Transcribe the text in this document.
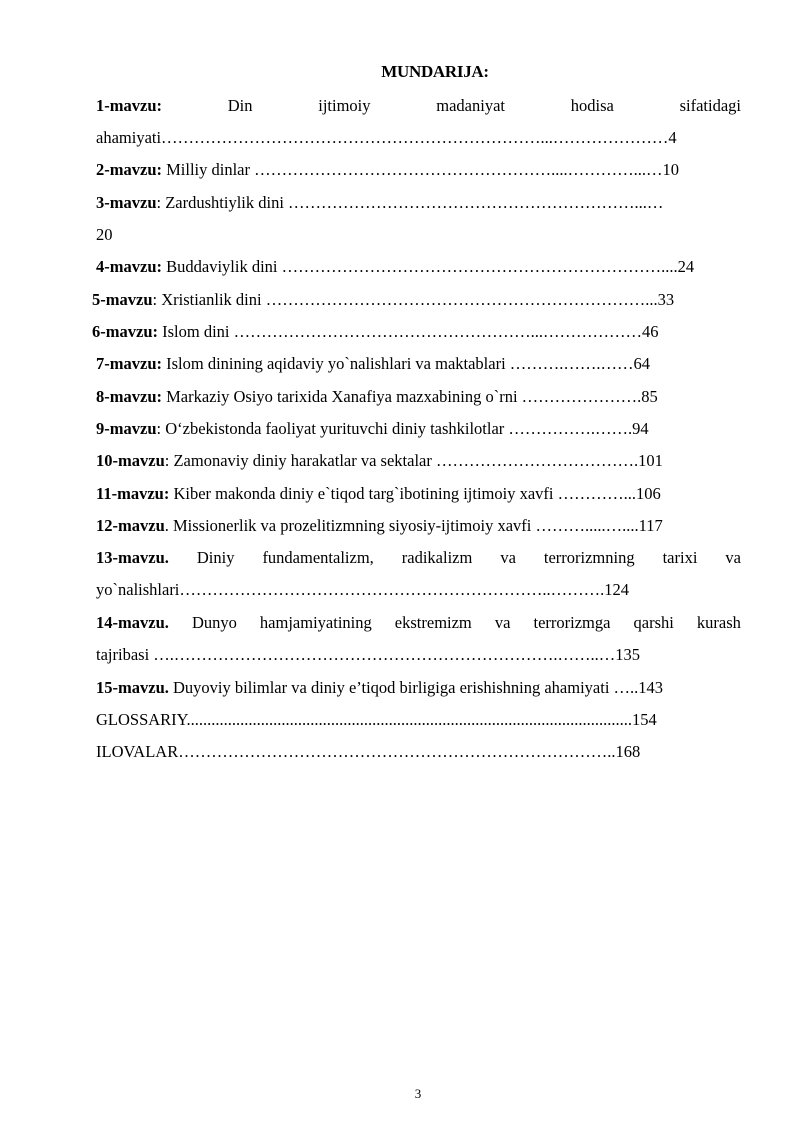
MUNDARIJA:
1-mavzu:	Din	ijtimoiy	madaniyat	hodisa	sifatidagi
ahamiyati……………………………………………………………...…………………4
2-mavzu: Milliy dinlar ………………………………………………....…………...…10
3-mavzu: Zardushtiylik dini ………………………………………………………...…
20
4-mavzu: Buddaviylik dini ……………………………………………………………....24
5-mavzu: Xristianlik dini ……………………………………………………………...33
6-mavzu: Islom dini ………………………………………………...………………46
7-mavzu: Islom dinining aqidaviy yo`nalishlari va maktablari ……….…….……64
8-mavzu: Markaziy Osiyo tarixida Xanafiya mazxabining o`rni ………………….85
9-mavzu: O‘zbekistonda faoliyat yurituvchi diniy tashkilotlar …………….…….94
10-mavzu: Zamonaviy diniy harakatlar va sektalar ……………………………….101
11-mavzu: Kiber makonda diniy e`tiqod targ`ibotining ijtimoiy xavfi …………...106
12-mavzu. Missionerlik va prozelitizmning siyosiy-ijtimoiy xavfi ……….....…....117
13-mavzu. Diniy fundamentalizm, radikalizm va terrorizmning tarixi va
yo`nalishlari…………………………………………………………..……….124
14-mavzu. Dunyo hamjamiyatining ekstremizm va terrorizmga qarshi kurash
tajribasi ….…………………………………………………………….……..…135
15-mavzu. Duyoviy bilimlar va diniy e’tiqod birligiga erishishning ahamiyati …..143
GLOSSARIY............................................................................................................154
ILOVALAR……………………………………………………………………..168
3
